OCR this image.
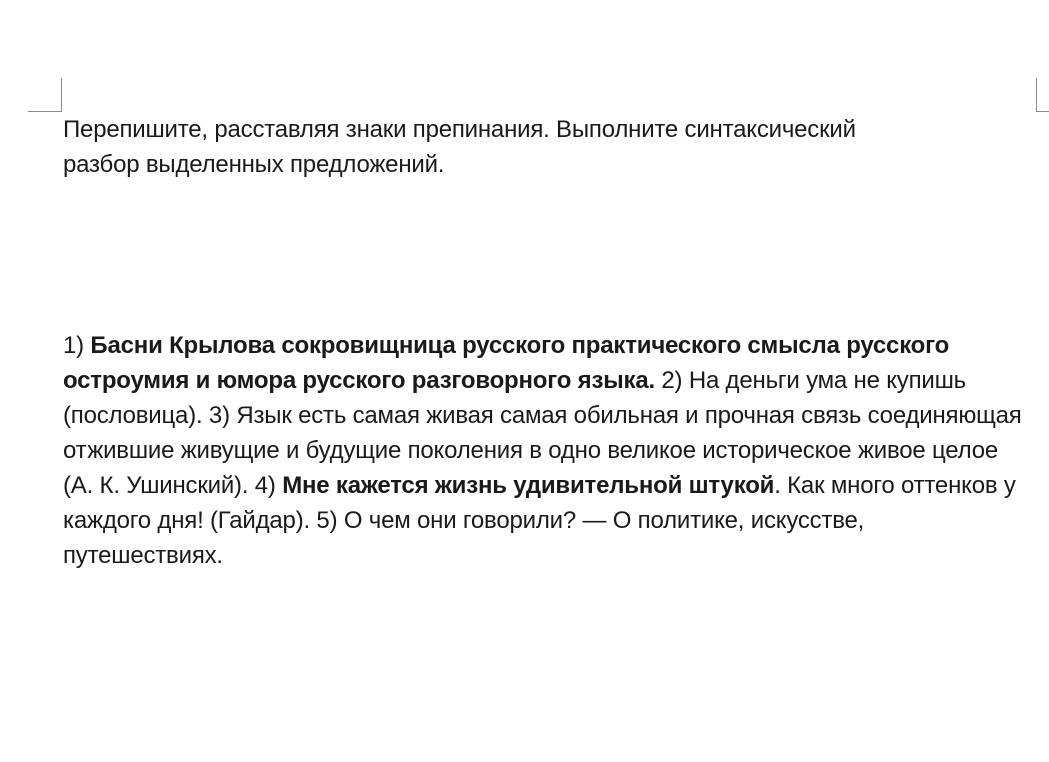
Перепишите, расставляя знаки препинания. Выполните синтаксический
разбор выделенных предложений.
1) Басни Крылова сокровищница русского практического смысла русского остроумия и юмора русского разговорного языка. 2) На деньги ума не купишь (пословица). 3) Язык есть самая живая самая обильная и прочная связь соединяющая отжившие живущие и будущие поколения в одно великое историческое живое целое (А. К. Ушинский). 4) Мне кажется жизнь удивительной штукой. Как много оттенков у каждого дня! (Гайдар). 5) О чем они говорили? — О политике, искусстве, путешествиях.
